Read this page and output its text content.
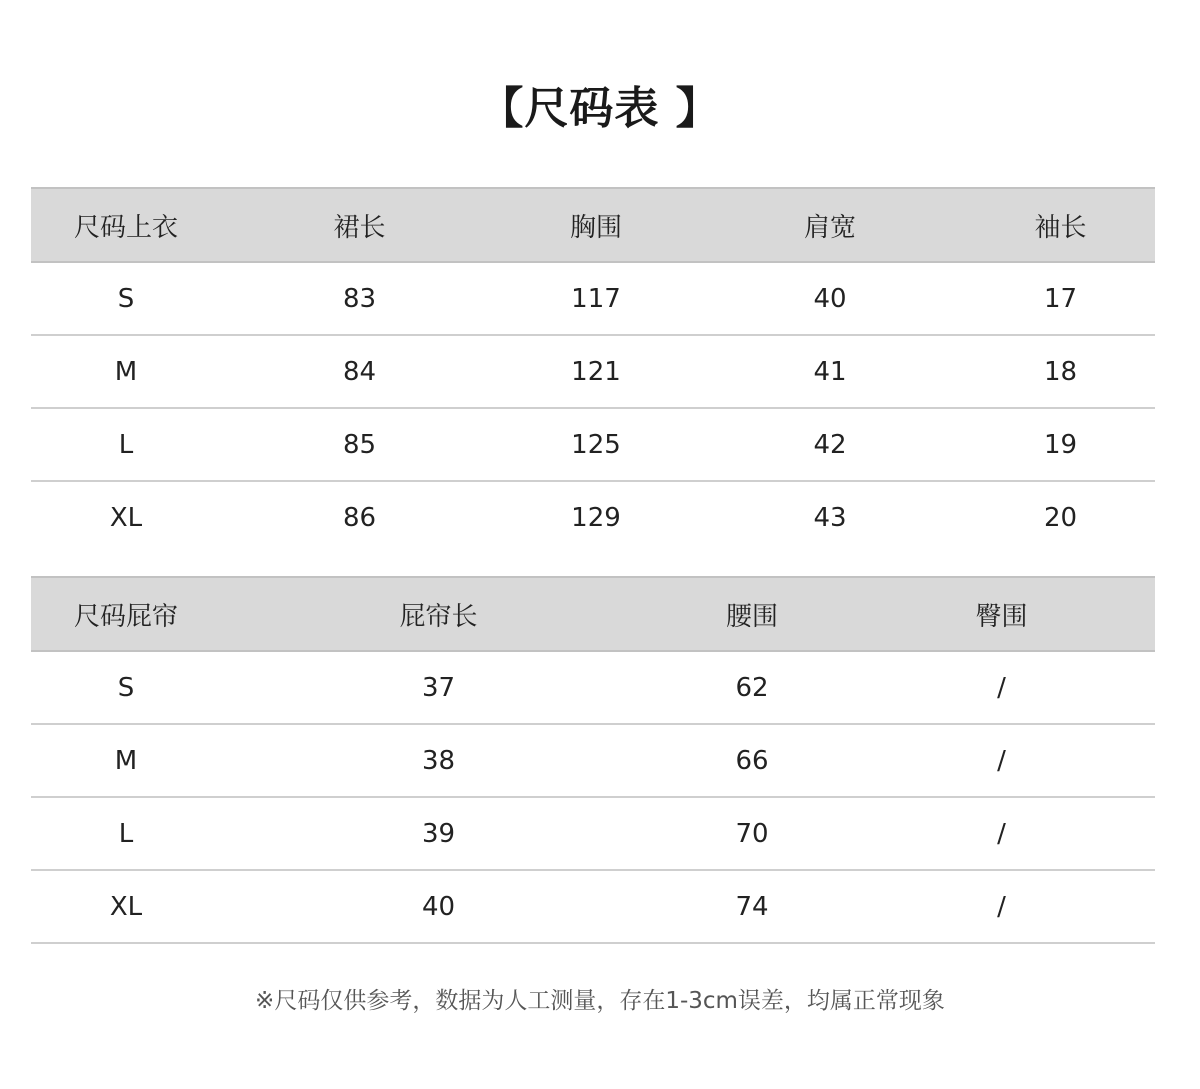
【尺码表 】
尺码上衣	裙长	胸围	肩宽	袖长
S	83	117	40	17
M	84	121	41	18
L	85	125	42	19
XL	86	129	43	20
尺码屁帘	屁帘长	腰围	臀围
S	37	62	/
M	38	66	/
L	39	70	/
XL	40	74	/
※尺码仅供参考，数据为人工测量，存在1-3cm误差，均属正常现象
